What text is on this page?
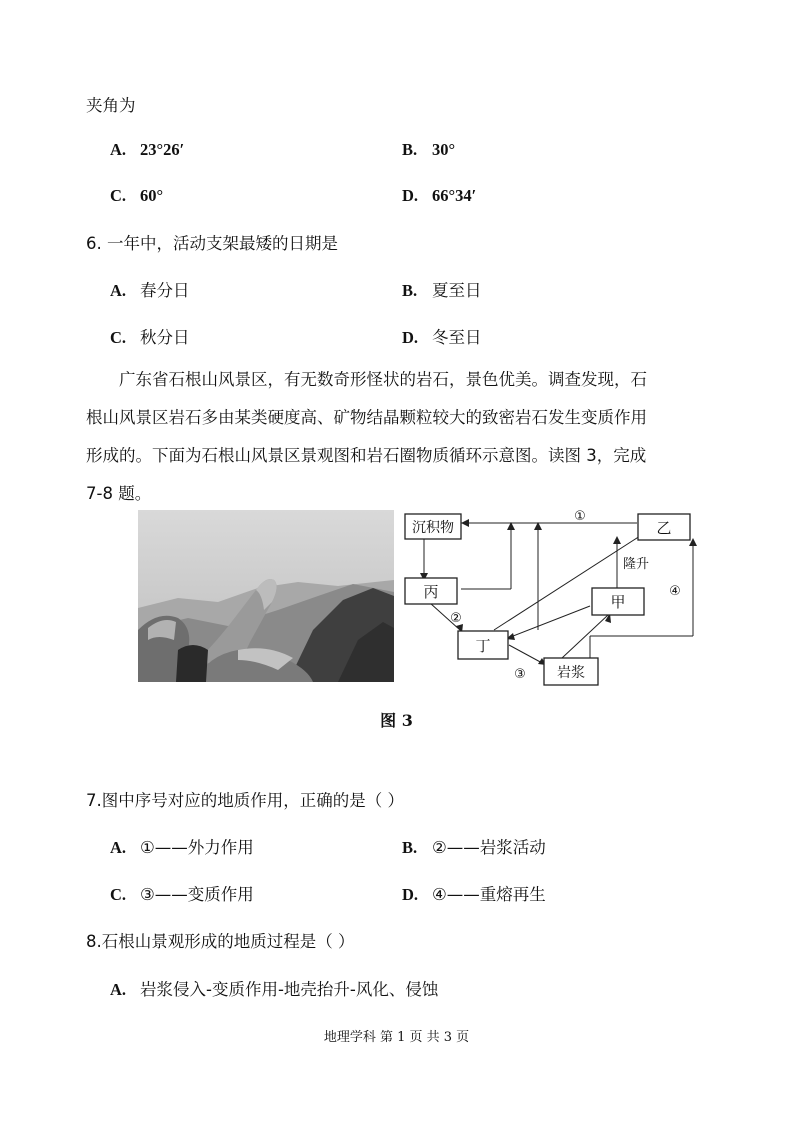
夹角为
A. 23°26′	B. 30°
C. 60°	D. 66°34′
6. 一年中，活动支架最矮的日期是
A. 春分日	B. 夏至日
C. 秋分日	D. 冬至日

广东省石根山风景区，有无数奇形怪状的岩石，景色优美。调查发现，石

根山风景区岩石多由某类硬度高、矿物结晶颗粒较大的致密岩石发生变质作用

形成的。下面为石根山风景区景观图和岩石圈物质循环示意图。读图 3，完成

7-8 题。

沉积物	乙
丙
甲
丁
岩浆
①
②
③
④
隆升
图 3
7.图中序号对应的地质作用，正确的是（ ）
A. ①——外力作用	B. ②——岩浆活动
C. ③——变质作用	D. ④——重熔再生
8.石根山景观形成的地质过程是（ ）
A. 岩浆侵入-变质作用-地壳抬升-风化、侵蚀
地理学科 第 1 页 共 3 页
